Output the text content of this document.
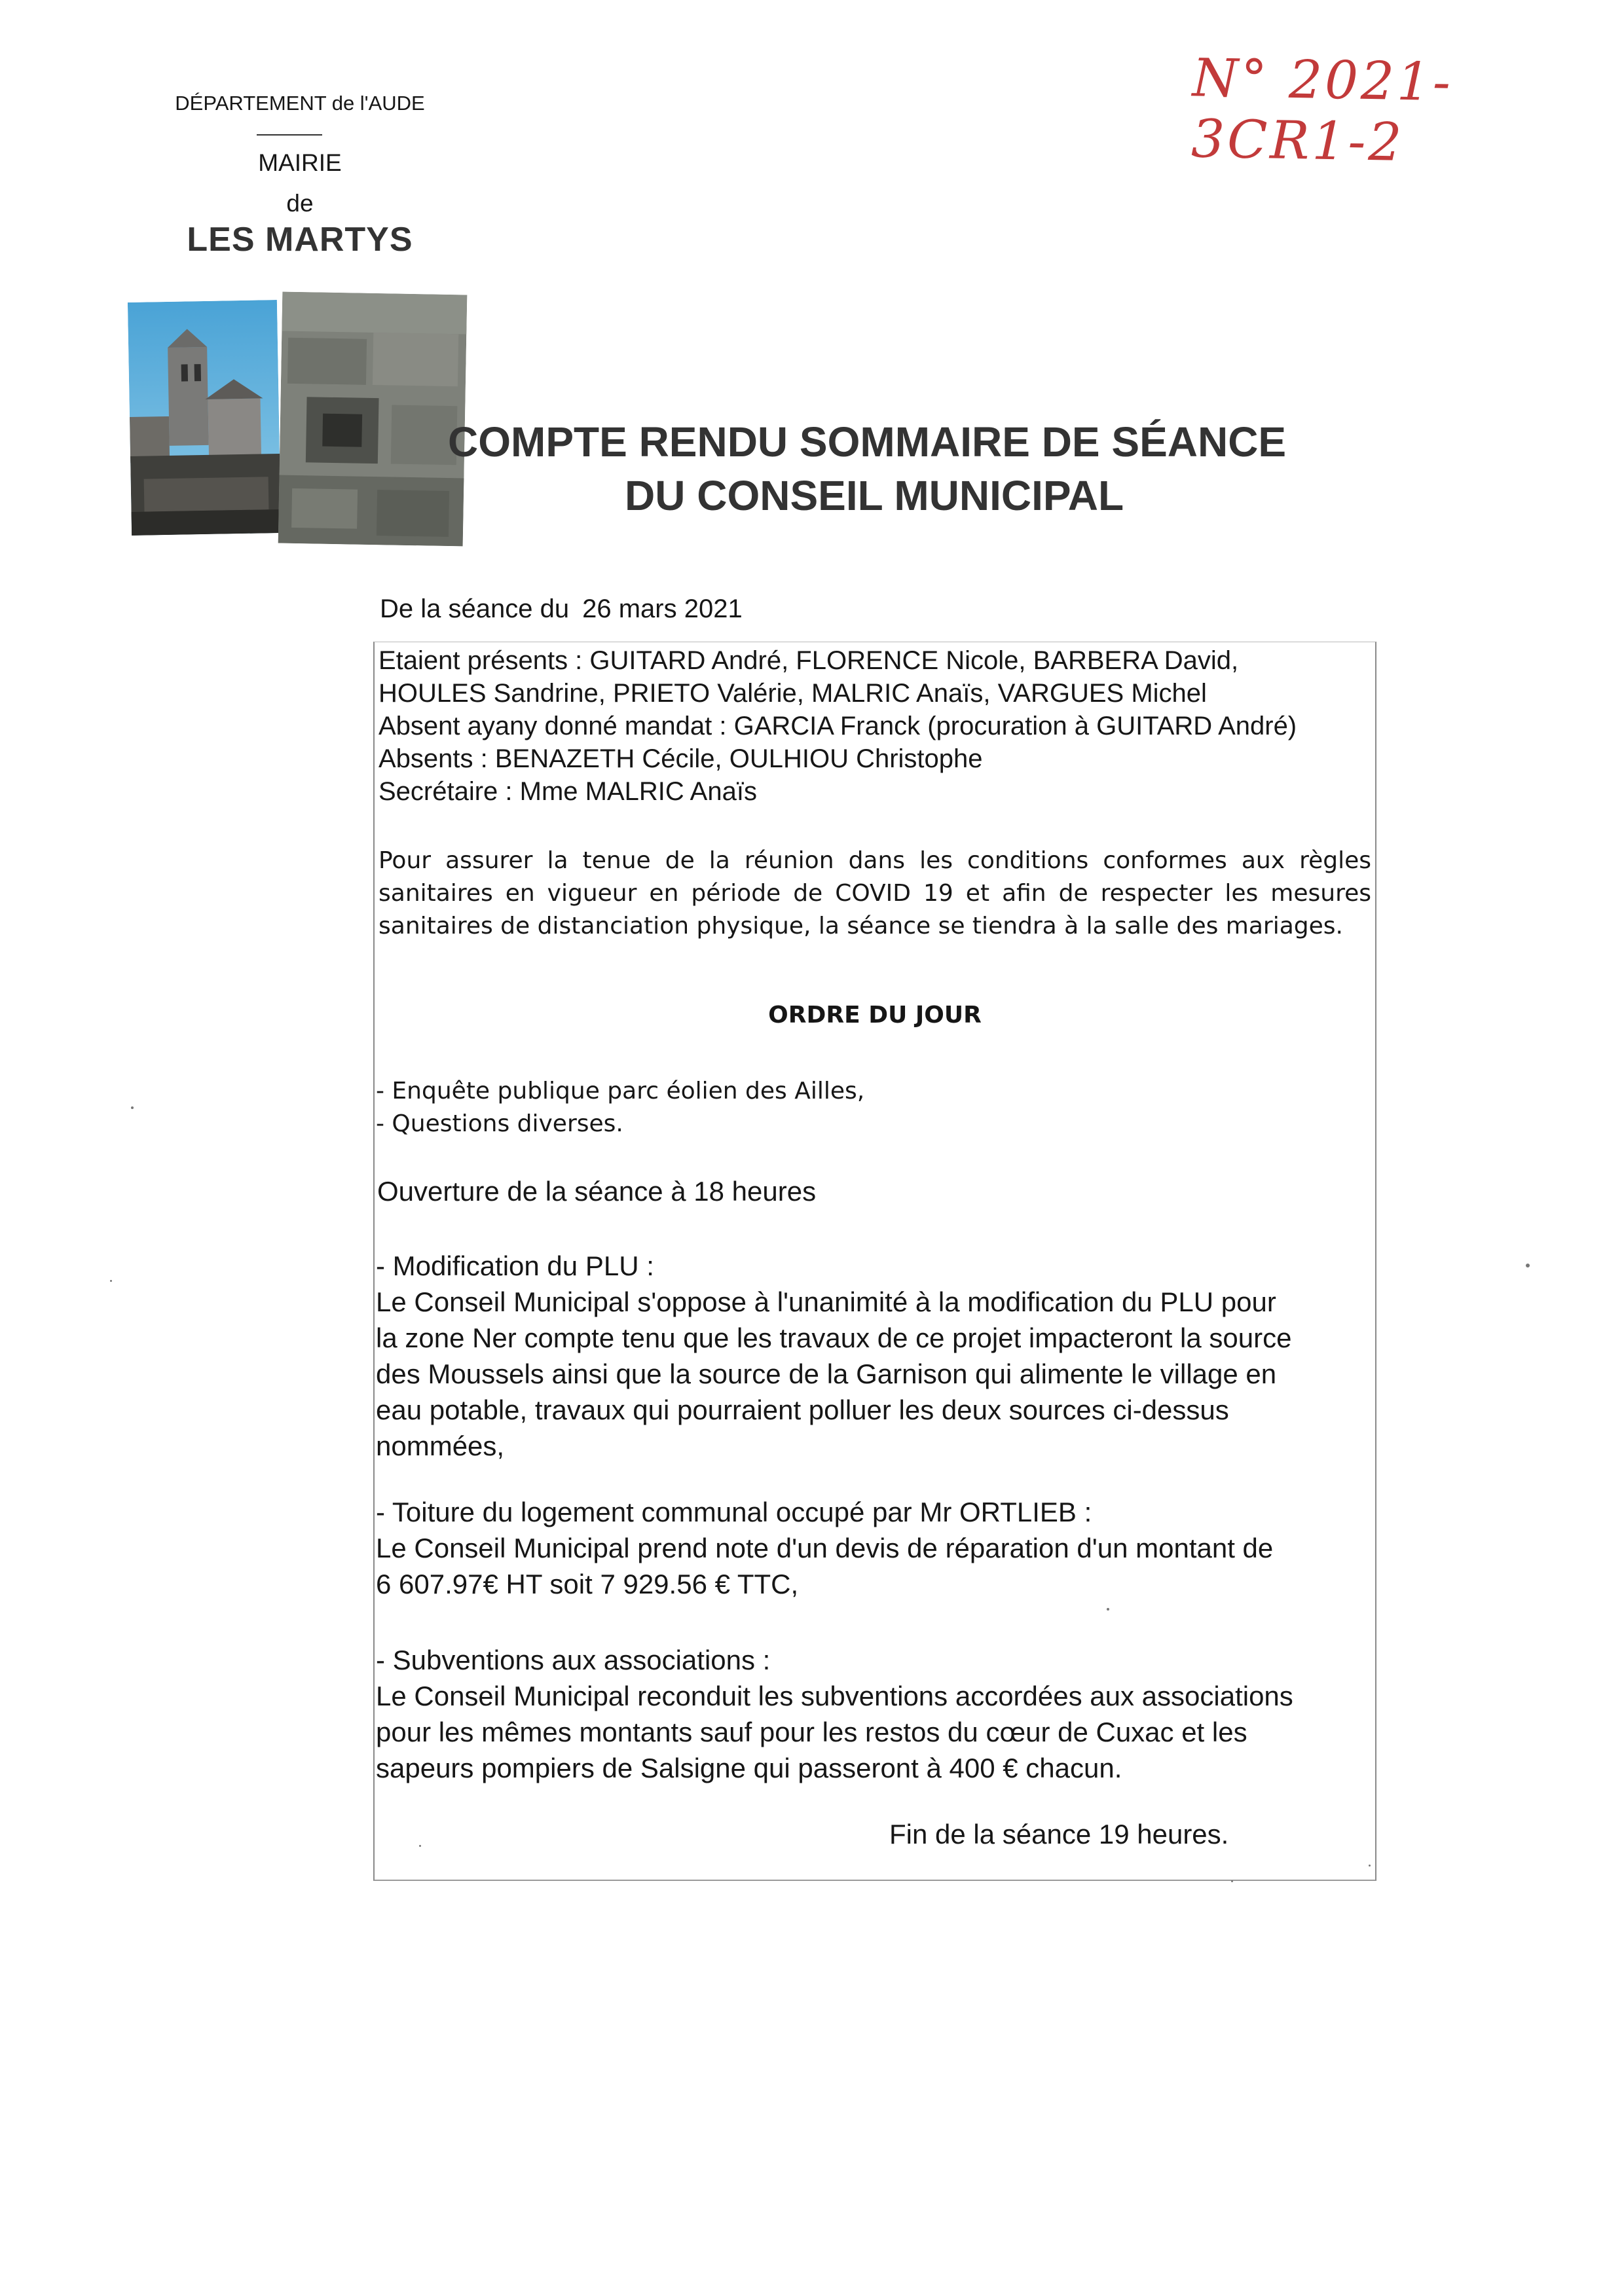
DÉPARTEMENT de l'AUDE
MAIRIE
de
LES MARTYS
N° 2021-3CR1-2
COMPTE RENDU SOMMAIRE DE SÉANCE
DU CONSEIL MUNICIPAL
De la séance du 26 mars 2021
Etaient présents : GUITARD André, FLORENCE Nicole, BARBERA David,
HOULES Sandrine, PRIETO Valérie, MALRIC Anaïs, VARGUES Michel
Absent ayany donné mandat : GARCIA Franck (procuration à GUITARD André)
Absents : BENAZETH Cécile, OULHIOU Christophe
Secrétaire : Mme MALRIC Anaïs

Pour assurer la tenue de la réunion dans les conditions conformes aux règles

sanitaires en vigueur en période de COVID 19 et afin de respecter les mesures

sanitaires de distanciation physique, la séance se tiendra à la salle des mariages.

ORDRE DU JOUR
- Enquête publique parc éolien des Ailles,
- Questions diverses.
Ouverture de la séance à 18 heures

- Modification du PLU :

Le Conseil Municipal s'oppose à l'unanimité à la modification du PLU pour

la zone Ner compte tenu que les travaux de ce projet impacteront la source

des Moussels ainsi que la source de la Garnison qui alimente le village en

eau potable, travaux qui pourraient polluer les deux sources ci-dessus

nommées,

- Toiture du logement communal occupé par Mr ORTLIEB :

Le Conseil Municipal prend note d'un devis de réparation d'un montant de

6 607.97€ HT soit 7 929.56 € TTC,

- Subventions aux associations :

Le Conseil Municipal reconduit les subventions accordées aux associations

pour les mêmes montants sauf pour les restos du cœur de Cuxac et les

sapeurs pompiers de Salsigne qui passeront à 400 € chacun.

Fin de la séance 19 heures.
